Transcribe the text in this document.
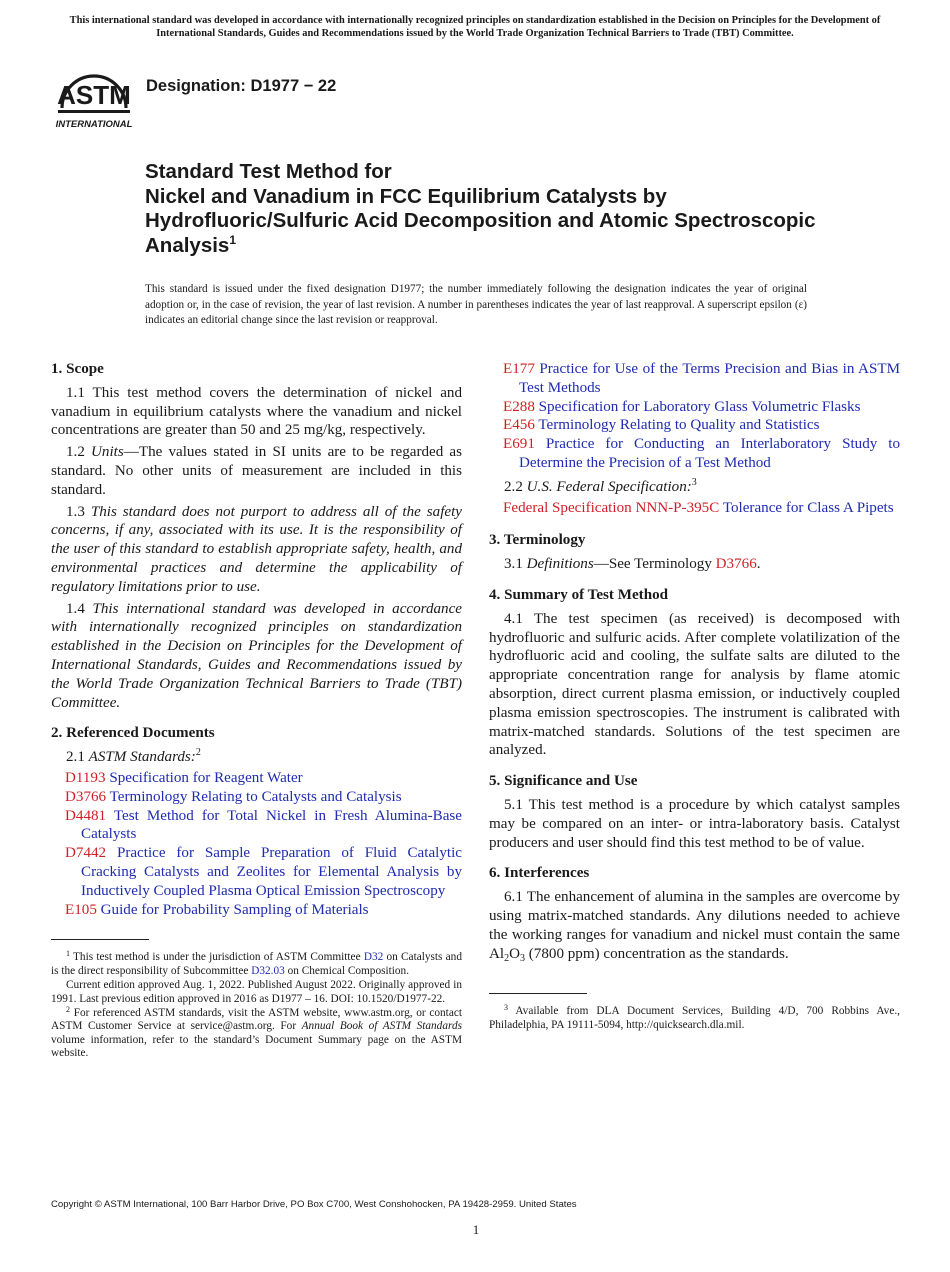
This international standard was developed in accordance with internationally recognized principles on standardization established in the Decision on Principles for the Development of International Standards, Guides and Recommendations issued by the World Trade Organization Technical Barriers to Trade (TBT) Committee.
ASTM
INTERNATIONAL
Designation: D1977 − 22
Standard Test Method for
Nickel and Vanadium in FCC Equilibrium Catalysts by Hydrofluoric/Sulfuric Acid Decomposition and Atomic Spectroscopic Analysis$^1$
This standard is issued under the fixed designation D1977; the number immediately following the designation indicates the year of original adoption or, in the case of revision, the year of last revision. A number in parentheses indicates the year of last reapproval. A superscript epsilon (ε) indicates an editorial change since the last revision or reapproval.
1. Scope

1.1 This test method covers the determination of nickel and vanadium in equilibrium catalysts where the vanadium and nickel concentrations are greater than 50 and 25 mg/kg, respectively.

1.2 Units—The values stated in SI units are to be regarded as standard. No other units of measurement are included in this standard.

1.3 This standard does not purport to address all of the safety concerns, if any, associated with its use. It is the responsibility of the user of this standard to establish appropriate safety, health, and environmental practices and determine the applicability of regulatory limitations prior to use.

1.4 This international standard was developed in accordance with internationally recognized principles on standardization established in the Decision on Principles for the Development of International Standards, Guides and Recommendations issued by the World Trade Organization Technical Barriers to Trade (TBT) Committee.

2. Referenced Documents
2.1 ASTM Standards:$^2$

D1193 Specification for Reagent Water

D3766 Terminology Relating to Catalysts and Catalysis

D4481 Test Method for Total Nickel in Fresh Alumina-Base Catalysts

D7442 Practice for Sample Preparation of Fluid Catalytic Cracking Catalysts and Zeolites for Elemental Analysis by Inductively Coupled Plasma Optical Emission Spectroscopy

E105 Guide for Probability Sampling of Materials

$^1$ This test method is under the jurisdiction of ASTM Committee D32 on Catalysts and is the direct responsibility of Subcommittee D32.03 on Chemical Composition.

Current edition approved Aug. 1, 2022. Published August 2022. Originally approved in 1991. Last previous edition approved in 2016 as D1977 – 16. DOI: 10.1520/D1977-22.

$^2$ For referenced ASTM standards, visit the ASTM website, www.astm.org, or contact ASTM Customer Service at service@astm.org. For Annual Book of ASTM Standards volume information, refer to the standard’s Document Summary page on the ASTM website.

E177 Practice for Use of the Terms Precision and Bias in ASTM Test Methods

E288 Specification for Laboratory Glass Volumetric Flasks

E456 Terminology Relating to Quality and Statistics

E691 Practice for Conducting an Interlaboratory Study to Determine the Precision of a Test Method

2.2 U.S. Federal Specification:$^3$

Federal Specification NNN-P-395C Tolerance for Class A Pipets

3. Terminology

3.1 Definitions—See Terminology D3766.

4. Summary of Test Method

4.1 The test specimen (as received) is decomposed with hydrofluoric and sulfuric acids. After complete volatilization of the hydrofluoric acid and cooling, the sulfate salts are diluted to the appropriate concentration range for analysis by flame atomic absorption, direct current plasma emission, or inductively coupled plasma emission spectroscopies. The instrument is calibrated with matrix-matched standards. Solutions of the test specimen are analyzed.

5. Significance and Use

5.1 This test method is a procedure by which catalyst samples may be compared on an inter- or intra-laboratory basis. Catalyst producers and user should find this test method to be of value.

6. Interferences

6.1 The enhancement of alumina in the samples are overcome by using matrix-matched standards. Any dilutions needed to achieve the working ranges for vanadium and nickel must contain the same $Al_2O_3$ (7800 ppm) concentration as the standards.

$^3$ Available from DLA Document Services, Building 4/D, 700 Robbins Ave., Philadelphia, PA 19111-5094, http://quicksearch.dla.mil.

Copyright © ASTM International, 100 Barr Harbor Drive, PO Box C700, West Conshohocken, PA 19428-2959. United States
1
